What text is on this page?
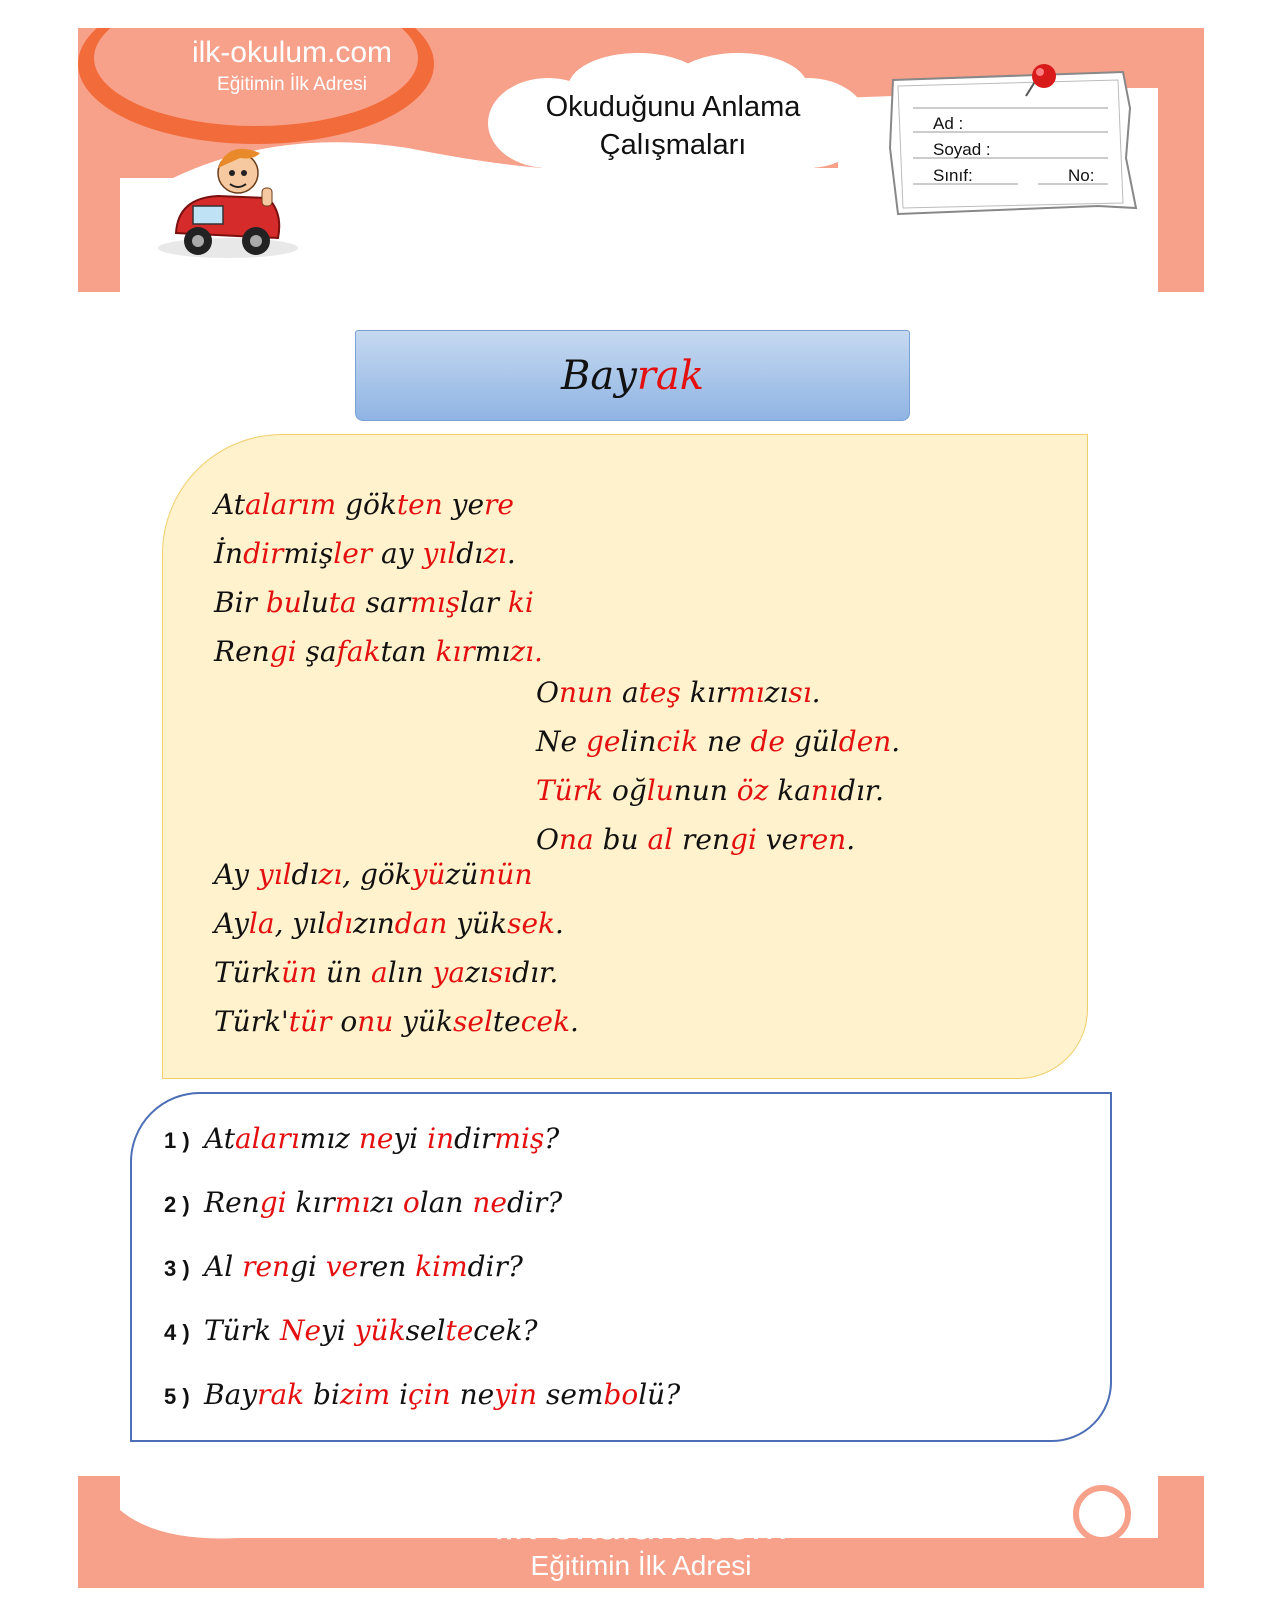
ilk-okulum.com
Eğitimin İlk Adresi
Okuduğunu Anlama
Çalışmaları
Ad :
Soyad :
Sınıf:	No:
Bayrak
Atalarım gökten yere
İndirmişler ay yıldızı.
Bir buluta sarmışlar ki
Rengi şafaktan kırmızı.
Onun ateş kırmızısı.
Ne gelincik ne de gülden.
Türk oğlunun öz kanıdır.
Ona bu al rengi veren.
Ay yıldızı, gökyüzünün
Ayla, yıldızından yüksek.
Türkün ün alın yazısıdır.
Türk'tür onu yükseltecek.
1 ) Atalarımız neyi indirmiş?
2 ) Rengi kırmızı olan nedir?
3 ) Al rengi veren kimdir?
4 ) Türk Neyi yükseltecek?
5 ) Bayrak bizim için neyin sembolü?
ilk-okulum.com
Eğitimin İlk Adresi
